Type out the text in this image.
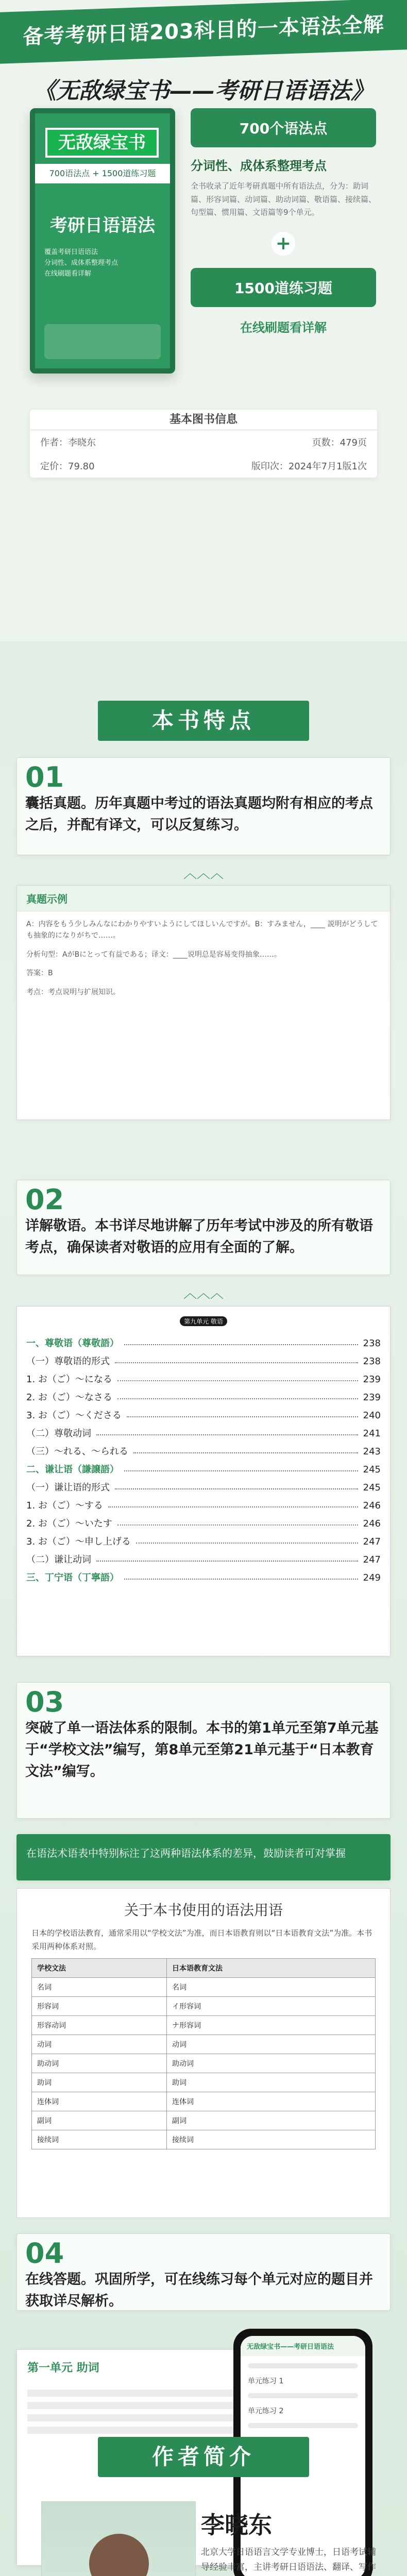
备考考研日语203科目的一本语法全解
《无敌绿宝书——考研日语语法》
无敌绿宝书
700语法点 + 1500道练习题
考研日语语法
覆盖考研日语语法
分词性、成体系整理考点
在线刷题看详解
700个语法点
分词性、成体系整理考点
全书收录了近年考研真题中所有语法点，分为：助词篇、形容词篇、动词篇、助动词篇、敬语篇、接续篇、句型篇、惯用篇、文语篇等9个单元。
+
1500道练习题
在线刷题看详解
基本图书信息
作者：李晓东	页数：479页
定价：79.80	版印次：2024年7月1版1次
本书特点
01
囊括真题。历年真题中考过的语法真题均附有相应的考点之后，并配有译文，可以反复练习。
︿︿︿
真题示例

A：内容をもう少しみんなにわかりやすいようにしてほしいんですが。B：すみません，____ 説明がどうしても抽象的になりがちで……。

分析句型：AがBにとって有益である；译文：____说明总是容易变得抽象……。

答案：B

考点：考点说明与扩展知识。

02
详解敬语。本书详尽地讲解了历年考试中涉及的所有敬语考点，确保读者对敬语的应用有全面的了解。
︿︿︿
第九单元 敬语
一、尊敬语（尊敬語）	238
（一）尊敬语的形式	238
1. お（ご）～になる	239
2. お（ご）～なさる	239
3. お（ご）～くださる	240
（二）尊敬动词	241
（三）～れる、～られる	243
二、谦让语（謙譲語）	245
（一）谦让语的形式	245
1. お（ご）～する	246
2. お（ご）～いたす	246
3. お（ご）～申し上げる	247
（二）谦让动词	247
三、丁宁语（丁寧語）	249
03
突破了单一语法体系的限制。本书的第1单元至第7单元基于“学校文法”编写，第8单元至第21单元基于“日本教育文法”编写。
在语法术语表中特别标注了这两种语法体系的差异，鼓励读者可对掌握
关于本书使用的语法用语
日本的学校语法教育，通常采用以“学校文法”为准，而日本语教育则以“日本语教育文法”为准。本书采用两种体系对照。
学校文法	日本语教育文法
名词	名词
形容词	イ形容词
形容动词	ナ形容词
动词	动词
助动词	助动词
助词	助词
连体词	连体词
副词	副词
接续词	接续词
04
在线答题。巩固所学，可在线练习每个单元对应的题目并获取详尽解析。
第一单元 助词
无敌绿宝书——考研日语语法
单元练习 1
单元练习 2
作者简介
李晓东
北京大学日语语言文学专业博士，日语考试辅导经验丰富，主讲考研日语语法、翻译、写作
